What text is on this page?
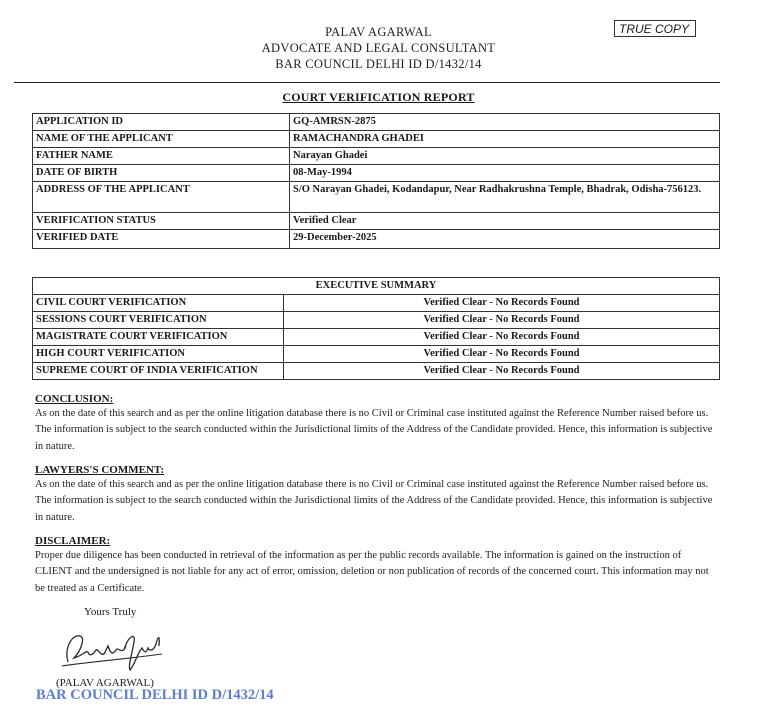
PALAV AGARWAL
ADVOCATE AND LEGAL CONSULTANT
BAR COUNCIL DELHI ID D/1432/14
TRUE COPY
COURT VERIFICATION REPORT
APPLICATION ID	GQ-AMRSN-2875
NAME OF THE APPLICANT	RAMACHANDRA GHADEI
FATHER NAME	Narayan Ghadei
DATE OF BIRTH	08-May-1994
ADDRESS OF THE APPLICANT	S/O Narayan Ghadei, Kodandapur, Near Radhakrushna Temple, Bhadrak, Odisha-756123.
VERIFICATION STATUS	Verified Clear
VERIFIED DATE	29-December-2025
EXECUTIVE SUMMARY	
CIVIL COURT VERIFICATION	Verified Clear - No Records Found
SESSIONS COURT VERIFICATION	Verified Clear - No Records Found
MAGISTRATE COURT VERIFICATION	Verified Clear - No Records Found
HIGH COURT VERIFICATION	Verified Clear - No Records Found
SUPREME COURT OF INDIA VERIFICATION	Verified Clear - No Records Found
CONCLUSION:
As on the date of this search and as per the online litigation database there is no Civil or Criminal case instituted against the Reference Number raised before us. The information is subject to the search conducted within the Jurisdictional limits of the Address of the Candidate provided. Hence, this information is subjective in nature.
LAWYERS'S COMMENT:
As on the date of this search and as per the online litigation database there is no Civil or Criminal case instituted against the Reference Number raised before us. The information is subject to the search conducted within the Jurisdictional limits of the Address of the Candidate provided. Hence, this information is subjective in nature.
DISCLAIMER:
Proper due diligence has been conducted in retrieval of the information as per the public records available. The information is gained on the instruction of CLIENT and the undersigned is not liable for any act of error, omission, deletion or non publication of records of the concerned court. This information may not be treated as a Certificate.
Yours Truly
(PALAV AGARWAL)
BAR COUNCIL DELHI ID D/1432/14
